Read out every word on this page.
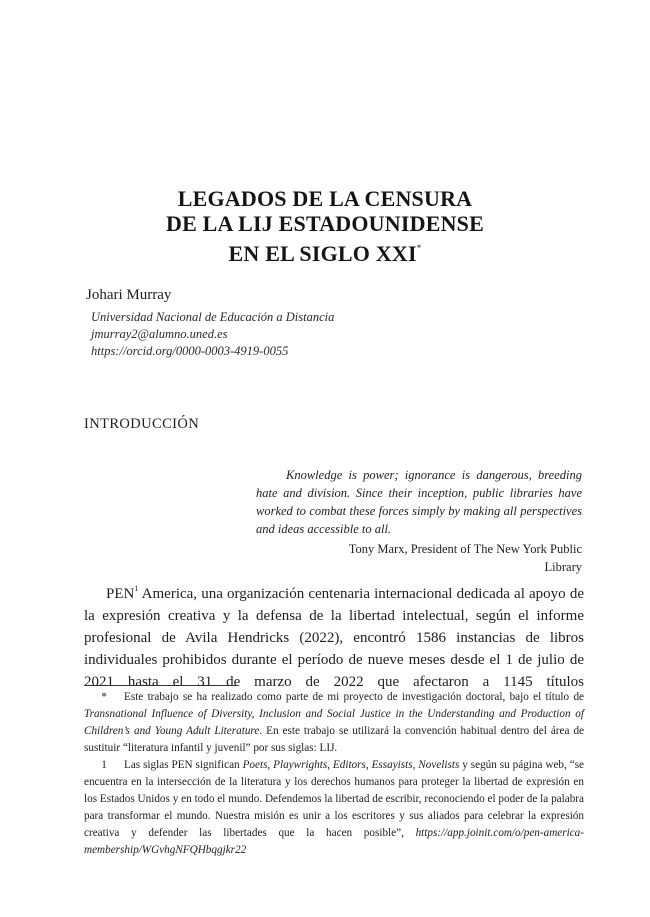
LEGADOS DE LA CENSURA
DE LA LIJ ESTADOUNIDENSE
EN EL SIGLO XXI*
Johari Murray
Universidad Nacional de Educación a Distancia
jmurray2@alumno.uned.es
https://orcid.org/0000-0003-4919-0055
INTRODUCCIÓN
Knowledge is power; ignorance is dangerous, breeding hate and division. Since their inception, public libraries have worked to combat these forces simply by making all perspectives and ideas accessible to all.
Tony Marx, President of The New York Public
Library

PEN$^1$ America, una organización centenaria internacional dedicada al apoyo de la expresión creativa y la defensa de la libertad intelectual, según el informe profesional de Avila Hendricks (2022), encontró 1586 instancias de libros individuales prohibidos durante el período de nueve meses desde el 1 de julio de 2021 hasta el 31 de marzo de 2022 que afectaron a 1145 títulos

* Este trabajo se ha realizado como parte de mi proyecto de investigación doctoral, bajo el título de Transnational Influence of Diversity, Inclusion and Social Justice in the Understanding and Production of Children’s and Young Adult Literature. En este trabajo se utilizará la convención habitual dentro del área de sustituir “literatura infantil y juvenil” por sus siglas: LIJ.

1 Las siglas PEN significan Poets, Playwrights, Editors, Essayists, Novelists y según su página web, “se encuentra en la intersección de la literatura y los derechos humanos para proteger la libertad de expresión en los Estados Unidos y en todo el mundo. Defendemos la libertad de escribir, reconociendo el poder de la palabra para transformar el mundo. Nuestra misión es unir a los escritores y sus aliados para celebrar la expresión creativa y defender las libertades que la hacen posible”, https://app.joinit.com/o/pen-america-membership/WGvhgNFQHbqgjkr22
